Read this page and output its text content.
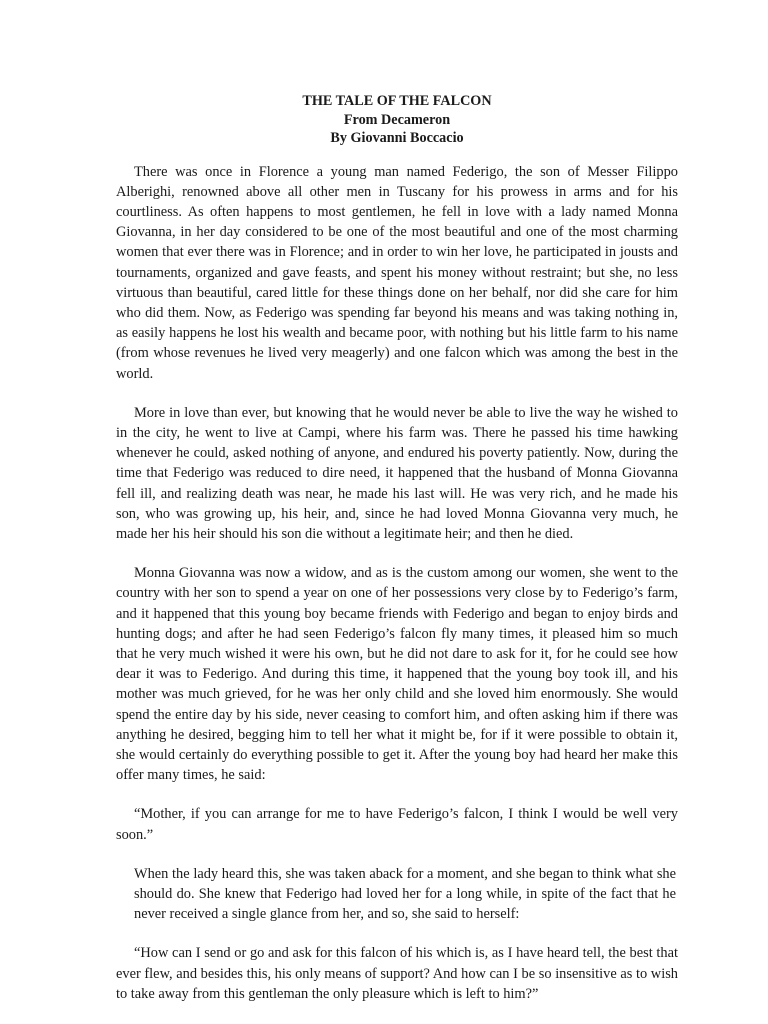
THE TALE OF THE FALCON
From Decameron
By Giovanni Boccacio

There was once in Florence a young man named Federigo, the son of Messer Filippo Alberighi, renowned above all other men in Tuscany for his prowess in arms and for his courtliness. As often happens to most gentlemen, he fell in love with a lady named Monna Giovanna, in her day considered to be one of the most beautiful and one of the most charming women that ever there was in Florence; and in order to win her love, he participated in jousts and tournaments, organized and gave feasts, and spent his money without restraint; but she, no less virtuous than beautiful, cared little for these things done on her behalf, nor did she care for him who did them. Now, as Federigo was spending far beyond his means and was taking nothing in, as easily happens he lost his wealth and became poor, with nothing but his little farm to his name (from whose revenues he lived very meagerly) and one falcon which was among the best in the world.

More in love than ever, but knowing that he would never be able to live the way he wished to in the city, he went to live at Campi, where his farm was. There he passed his time hawking whenever he could, asked nothing of anyone, and endured his poverty patiently. Now, during the time that Federigo was reduced to dire need, it happened that the husband of Monna Giovanna fell ill, and realizing death was near, he made his last will. He was very rich, and he made his son, who was growing up, his heir, and, since he had loved Monna Giovanna very much, he made her his heir should his son die without a legitimate heir; and then he died.

Monna Giovanna was now a widow, and as is the custom among our women, she went to the country with her son to spend a year on one of her possessions very close by to Federigo’s farm, and it happened that this young boy became friends with Federigo and began to enjoy birds and hunting dogs; and after he had seen Federigo’s falcon fly many times, it pleased him so much that he very much wished it were his own, but he did not dare to ask for it, for he could see how dear it was to Federigo. And during this time, it happened that the young boy took ill, and his mother was much grieved, for he was her only child and she loved him enormously. She would spend the entire day by his side, never ceasing to comfort him, and often asking him if there was anything he desired, begging him to tell her what it might be, for if it were possible to obtain it, she would certainly do everything possible to get it. After the young boy had heard her make this offer many times, he said:

“Mother, if you can arrange for me to have Federigo’s falcon, I think I would be well very soon.”

When the lady heard this, she was taken aback for a moment, and she began to think what she should do. She knew that Federigo had loved her for a long while, in spite of the fact that he never received a single glance from her, and so, she said to herself:

“How can I send or go and ask for this falcon of his which is, as I have heard tell, the best that ever flew, and besides this, his only means of support? And how can I be so insensitive as to wish to take away from this gentleman the only pleasure which is left to him?”
